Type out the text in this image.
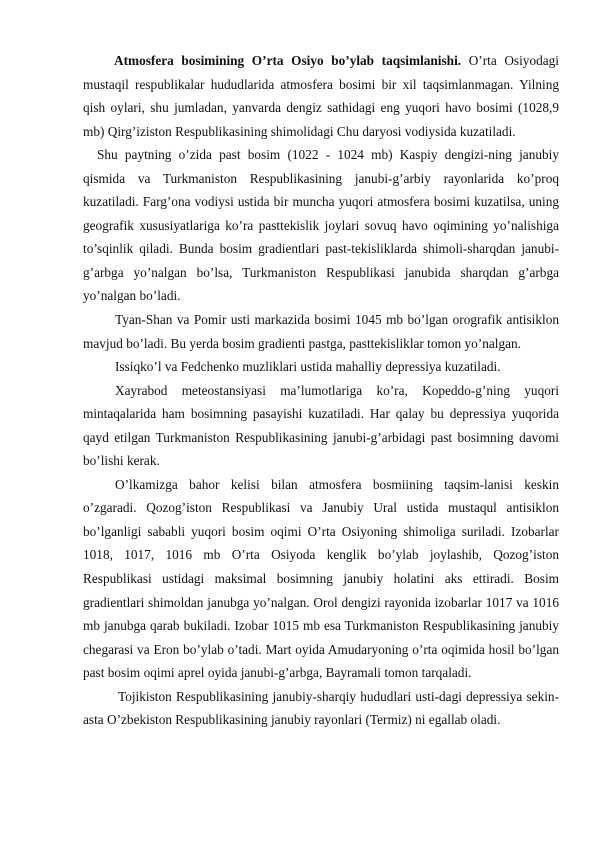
Atmosfera bosimining O’rta Osiyo bo’ylab taqsimlanishi. O’rta Osiyodagi mustaqil respublikalar hududlarida atmosfera bosimi bir xil taqsimlanmagan. Yilning qish oylari, shu jumladan, yanvarda dengiz sathidagi eng yuqori havo bosimi (1028,9 mb) Qirg’iziston Respublikasining shimolidagi Chu daryosi vodiysida kuzatiladi.

Shu paytning o’zida past bosim (1022 - 1024 mb) Kaspiy dengizi-ning janubiy qismida va Turkmaniston Respublikasining janubi-g’arbiy rayonlarida ko’proq kuzatiladi. Farg’ona vodiysi ustida bir muncha yuqori atmosfera bosimi kuzatilsa, uning geografik xususiyatlariga ko’ra pasttekislik joylari sovuq havo oqimining yo’nalishiga to’sqinlik qiladi. Bunda bosim gradientlari past-tekisliklarda shimoli-sharqdan janubi-g’arbga yo’nalgan bo’lsa, Turkmaniston Respublikasi janubida sharqdan g’arbga yo’nalgan bo’ladi.

Tyan-Shan va Pomir usti markazida bosimi 1045 mb bo’lgan orografik antisiklon mavjud bo’ladi. Bu yerda bosim gradienti pastga, pasttekisliklar tomon yo’nalgan.

Issiqko’l va Fedchenko muzliklari ustida mahalliy depressiya kuzatiladi.

Xayrabod meteostansiyasi ma’lumotlariga ko’ra, Kopeddo-g’ning yuqori mintaqalarida ham bosimning pasayishi kuzatiladi. Har qalay bu depressiya yuqorida qayd etilgan Turkmaniston Respublikasining janubi-g’arbidagi past bosimning davomi bo’lishi kerak.

O’lkamizga bahor kelisi bilan atmosfera bosmiining taqsim-lanisi keskin o’zgaradi. Qozog’iston Respublikasi va Janubiy Ural ustida mustaqul antisiklon bo’lganligi sababli yuqori bosim oqimi O’rta Osiyoning shimoliga suriladi. Izobarlar 1018, 1017, 1016 mb O’rta Osiyoda kenglik bo’ylab joylashib, Qozog’iston Respublikasi ustidagi maksimal bosimning janubiy holatini aks ettiradi. Bosim gradientlari shimoldan janubga yo’nalgan. Orol dengizi rayonida izobarlar 1017 va 1016 mb janubga qarab bukiladi. Izobar 1015 mb esa Turkmaniston Respublikasining janubiy chegarasi va Eron bo’ylab o’tadi. Mart oyida Amudaryoning o’rta oqimida hosil bo’lgan past bosim oqimi aprel oyida janubi-g’arbga, Bayramali tomon tarqaladi.

Tojikiston Respublikasining janubiy-sharqiy hududlari usti-dagi depressiya sekin-asta O’zbekiston Respublikasining janubiy rayonlari (Termiz) ni egallab oladi.
